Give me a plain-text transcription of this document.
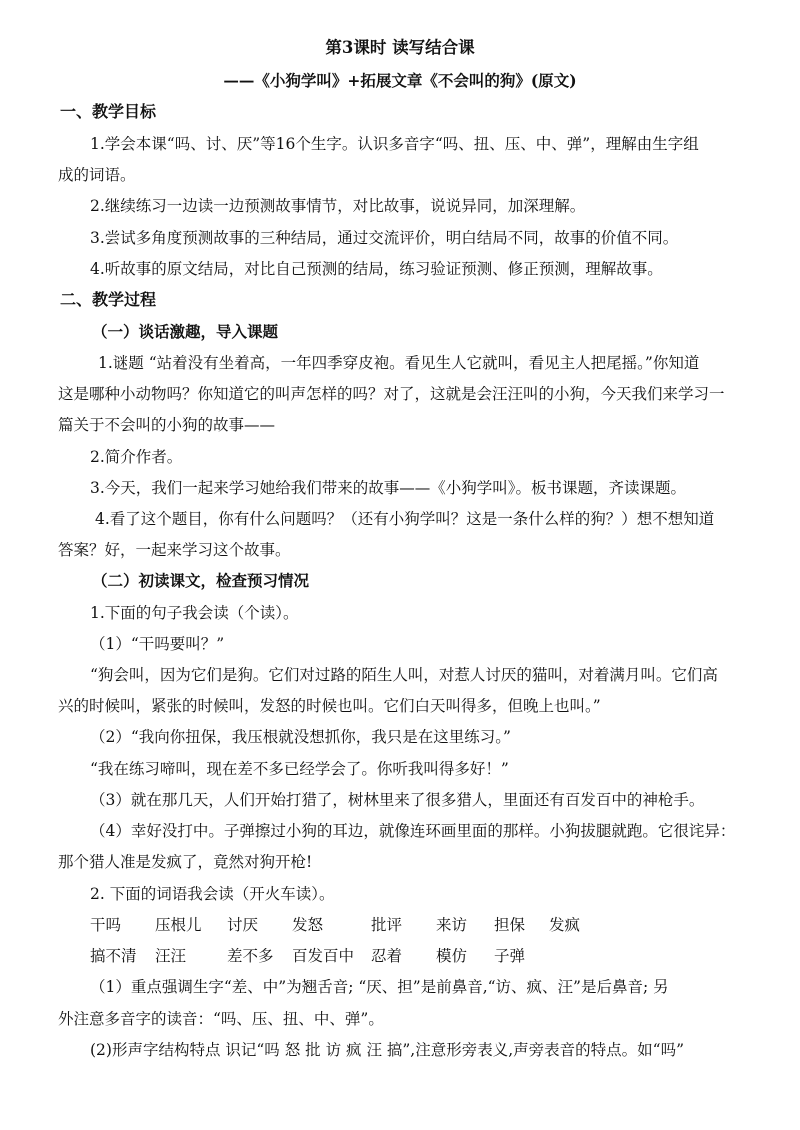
第3课时 读写结合课
——《小狗学叫》+拓展文章《不会叫的狗》(原文)
一、教学目标
1.学会本课“吗、讨、厌”等16个生字。认识多音字“吗、扭、压、中、弹”，理解由生字组
成的词语。
2.继续练习一边读一边预测故事情节，对比故事，说说异同，加深理解。
3.尝试多角度预测故事的三种结局，通过交流评价，明白结局不同，故事的价值不同。
4.听故事的原文结局，对比自己预测的结局，练习验证预测、修正预测，理解故事。
二、教学过程
（一）谈话激趣，导入课题
1.谜题 “站着没有坐着高，一年四季穿皮袍。看见生人它就叫，看见主人把尾摇。”你知道
这是哪种小动物吗？你知道它的叫声怎样的吗？对了，这就是会汪汪叫的小狗，今天我们来学习一
篇关于不会叫的小狗的故事——
2.简介作者。
3.今天，我们一起来学习她给我们带来的故事——《小狗学叫》。板书课题，齐读课题。
4.看了这个题目，你有什么问题吗？（还有小狗学叫？这是一条什么样的狗？）想不想知道
答案？好，一起来学习这个故事。
（二）初读课文，检查预习情况
1.下面的句子我会读（个读）。
（1）“干吗要叫？”
“狗会叫，因为它们是狗。它们对过路的陌生人叫，对惹人讨厌的猫叫，对着满月叫。它们高
兴的时候叫，紧张的时候叫，发怒的时候也叫。它们白天叫得多，但晚上也叫。”
（2）“我向你扭保，我压根就没想抓你，我只是在这里练习。”
“我在练习啼叫，现在差不多已经学会了。你听我叫得多好！”
（3）就在那几天，人们开始打猎了，树林里来了很多猎人，里面还有百发百中的神枪手。
（4）幸好没打中。子弹擦过小狗的耳边，就像连环画里面的那样。小狗拔腿就跑。它很诧异：
那个猎人准是发疯了，竟然对狗开枪!
2. 下面的词语我会读（开火车读）。
干吗 压根儿 讨厌 发怒	批评 来访 担保 发疯
搞不清 汪汪	差不多 百发百中 忍着 模仿 子弹
（1）重点强调生字“差、中”为翘舌音; “厌、担”是前鼻音,“访、疯、汪”是后鼻音; 另
外注意多音字的读音：“吗、压、扭、中、弹”。
(2)形声字结构特点 识记“吗 怒 批 访 疯 汪 搞”,注意形旁表义,声旁表音的特点。如“吗”
